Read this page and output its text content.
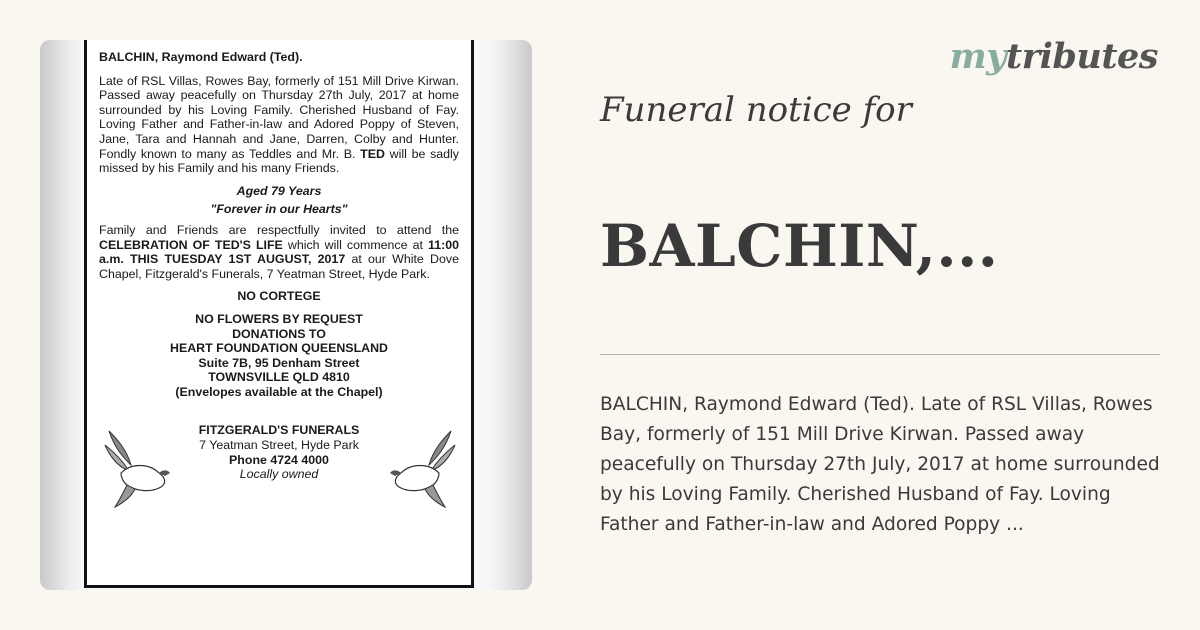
BALCHIN, Raymond Edward (Ted).
Late of RSL Villas, Rowes Bay, formerly of 151 Mill Drive Kirwan. Passed away peacefully on Thursday 27th July, 2017 at home surrounded by his Loving Family. Cherished Husband of Fay. Loving Father and Father-in-law and Adored Poppy of Steven, Jane, Tara and Hannah and Jane, Darren, Colby and Hunter. Fondly known to many as Teddles and Mr. B. TED will be sadly missed by his Family and his many Friends.
Aged 79 Years
"Forever in our Hearts"
Family and Friends are respectfully invited to attend the CELEBRATION OF TED'S LIFE which will commence at 11:00 a.m. THIS TUESDAY 1ST AUGUST, 2017 at our White Dove Chapel, Fitzgerald's Funerals, 7 Yeatman Street, Hyde Park.
NO CORTEGE
NO FLOWERS BY REQUEST
DONATIONS TO
HEART FOUNDATION QUEENSLAND
Suite 7B, 95 Denham Street
TOWNSVILLE QLD 4810
(Envelopes available at the Chapel)
FITZGERALD'S FUNERALS
7 Yeatman Street, Hyde Park
Phone 4724 4000
Locally owned
mytributes
Funeral notice for
BALCHIN,...
BALCHIN, Raymond Edward (Ted). Late of RSL Villas, Rowes Bay, formerly of 151 Mill Drive Kirwan. Passed away peacefully on Thursday 27th July, 2017 at home surrounded by his Loving Family. Cherished Husband of Fay. Loving Father and Father-in-law and Adored Poppy ...
